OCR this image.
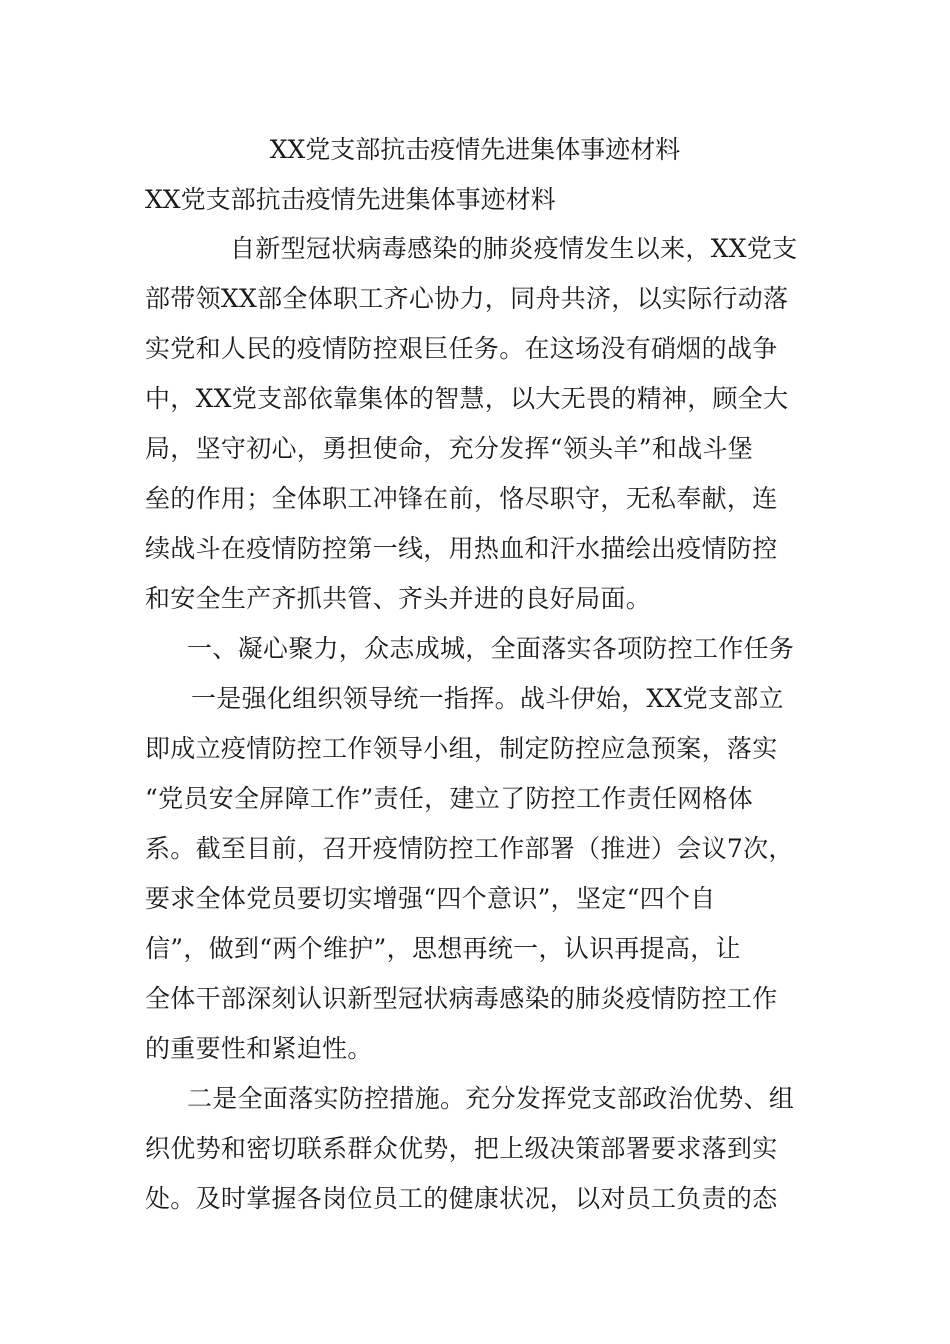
XX党支部抗击疫情先进集体事迹材料
XX党支部抗击疫情先进集体事迹材料
自新型冠状病毒感染的肺炎疫情发生以来，XX党支
部带领XX部全体职工齐心协力，同舟共济，以实际行动落
实党和人民的疫情防控艰巨任务。在这场没有硝烟的战争
中，XX党支部依靠集体的智慧，以大无畏的精神，顾全大
局，坚守初心，勇担使命，充分发挥“领头羊”和战斗堡
垒的作用；全体职工冲锋在前，恪尽职守，无私奉献，连
续战斗在疫情防控第一线，用热血和汗水描绘出疫情防控
和安全生产齐抓共管、齐头并进的良好局面。
一、凝心聚力，众志成城，全面落实各项防控工作任务
一是强化组织领导统一指挥。战斗伊始，XX党支部立
即成立疫情防控工作领导小组，制定防控应急预案，落实
“党员安全屏障工作”责任，建立了防控工作责任网格体
系。截至目前，召开疫情防控工作部署（推进）会议7次，
要求全体党员要切实增强“四个意识”，坚定“四个自
信”，做到“两个维护”，思想再统一，认识再提高，让
全体干部深刻认识新型冠状病毒感染的肺炎疫情防控工作
的重要性和紧迫性。
二是全面落实防控措施。充分发挥党支部政治优势、组
织优势和密切联系群众优势，把上级决策部署要求落到实
处。及时掌握各岗位员工的健康状况，以对员工负责的态
